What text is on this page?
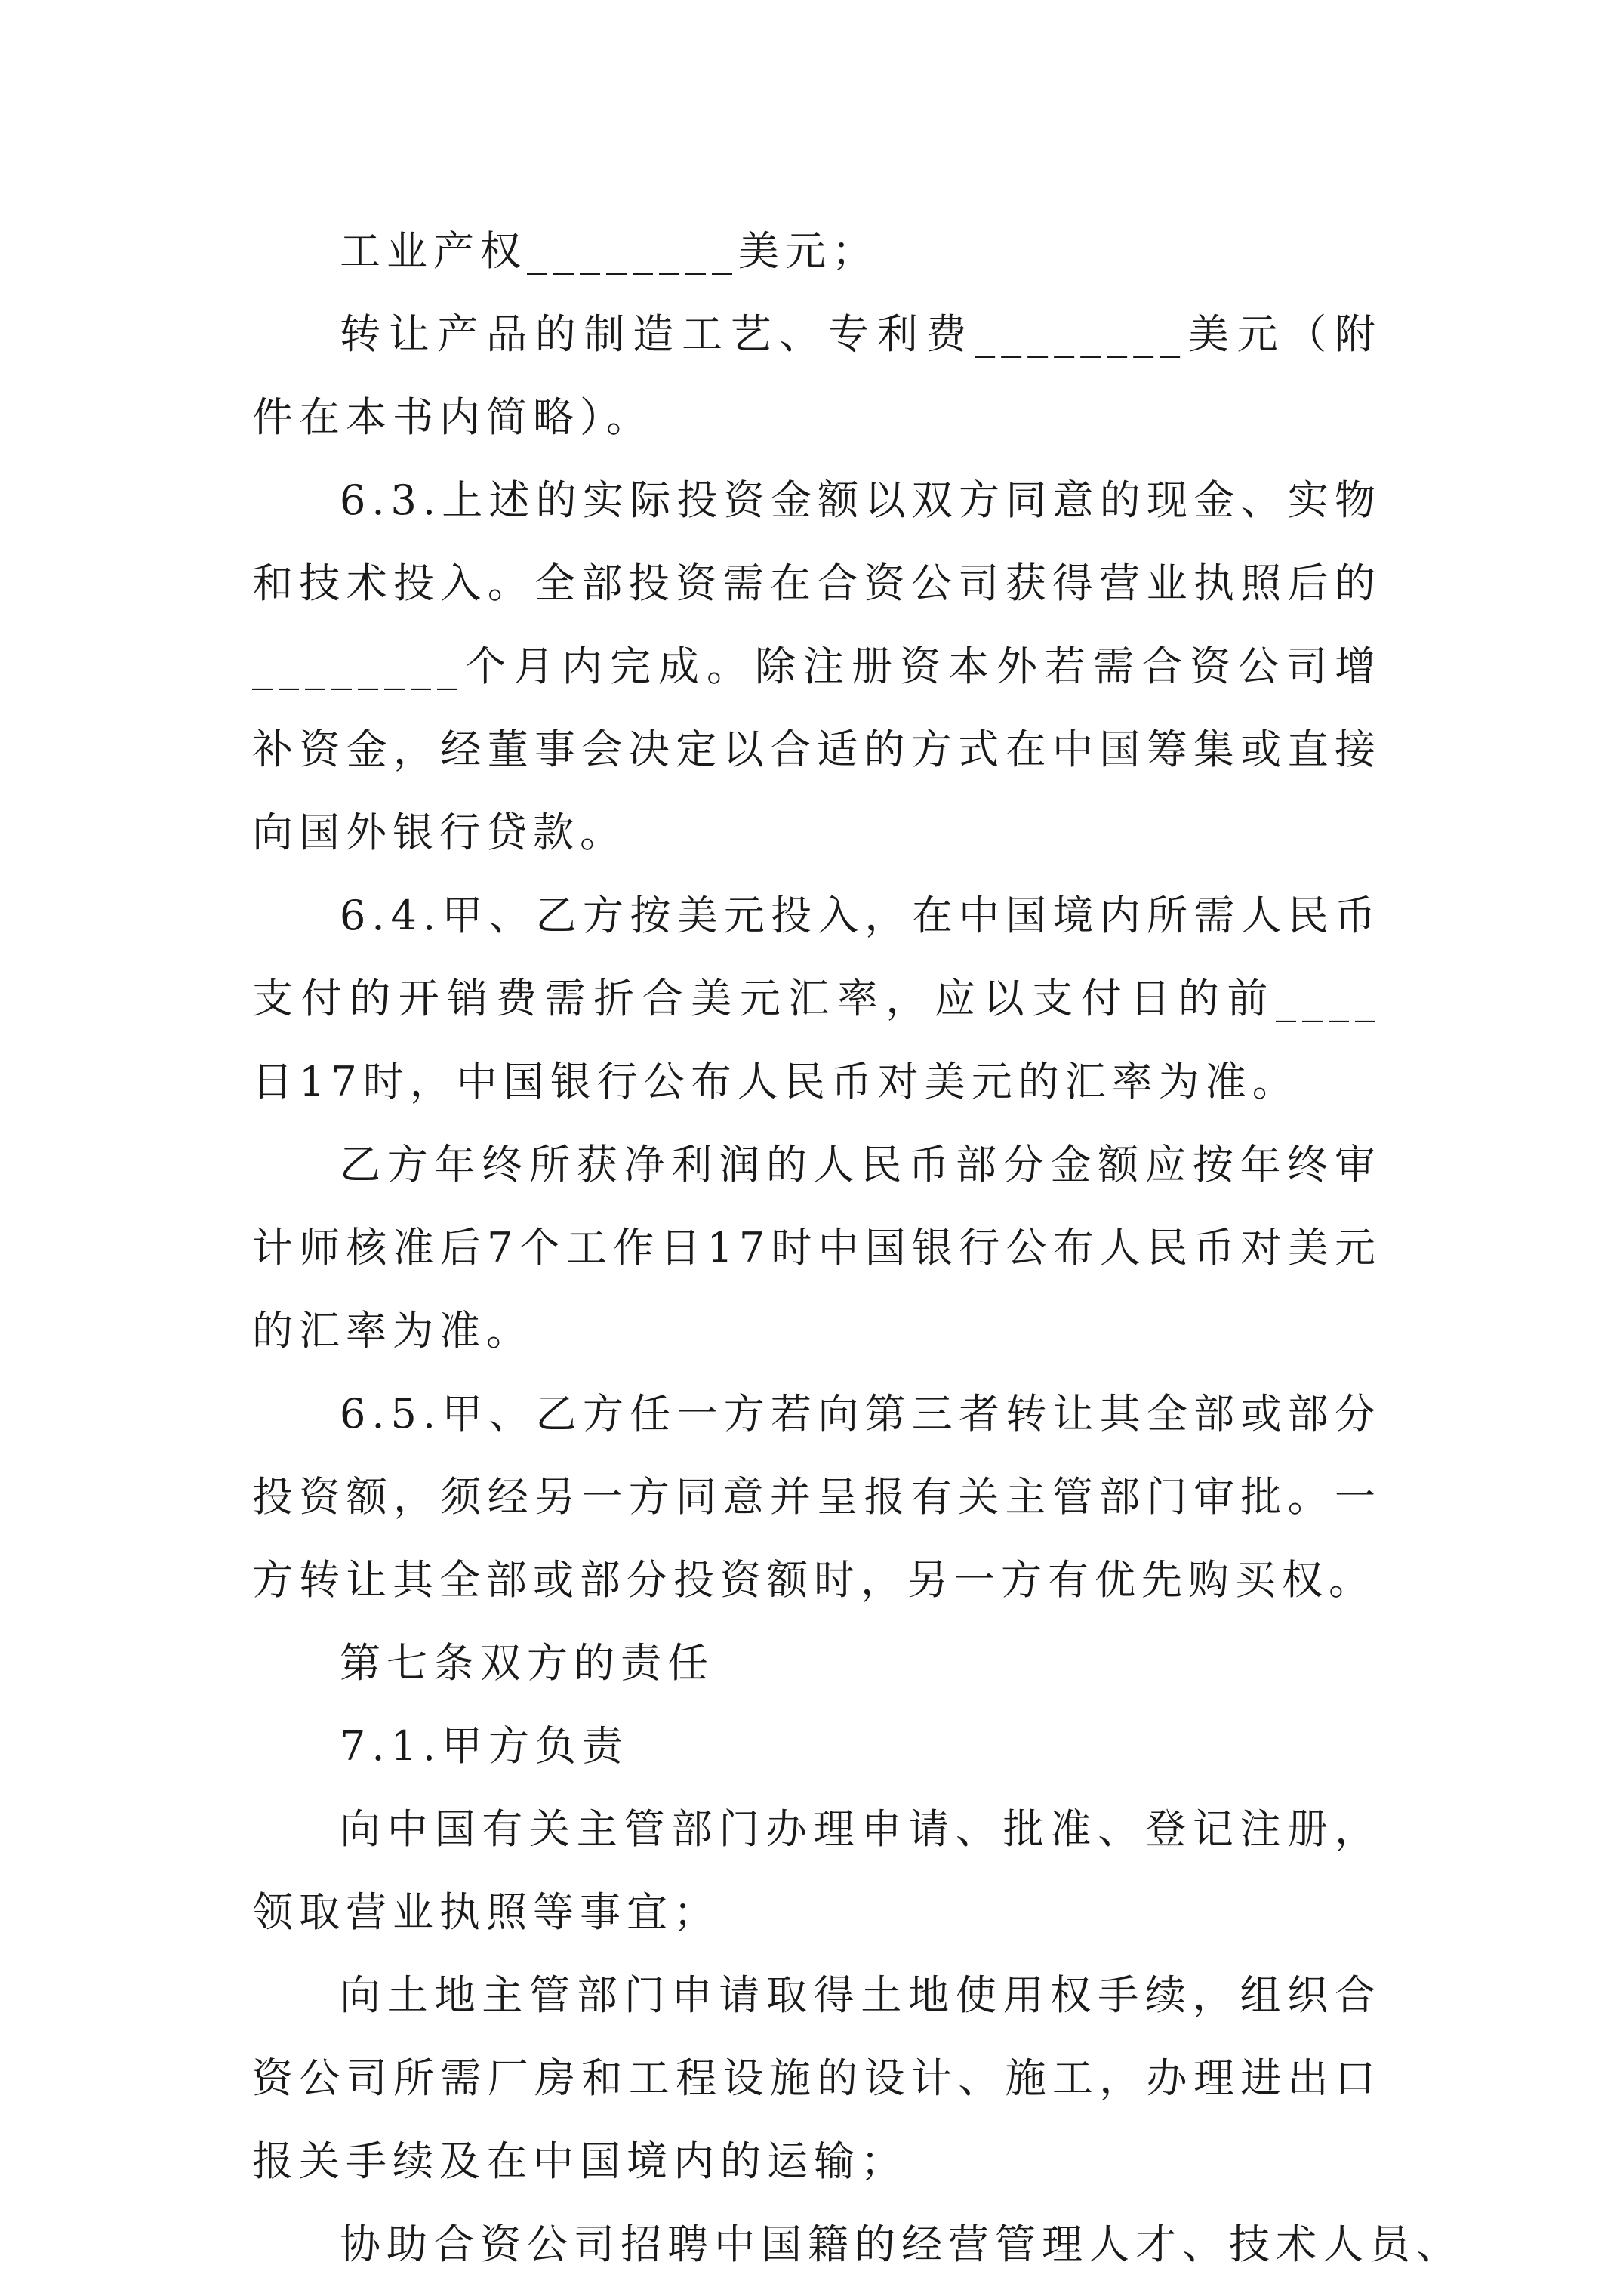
工业产权________美元；

转让产品的制造工艺、专利费________美元（附件在本书内简略）。

6.3.上述的实际投资金额以双方同意的现金、实物和技术投入。全部投资需在合资公司获得营业执照后的________个月内完成。除注册资本外若需合资公司增补资金，经董事会决定以合适的方式在中国筹集或直接向国外银行贷款。

6.4.甲、乙方按美元投入，在中国境内所需人民币支付的开销费需折合美元汇率，应以支付日的前____日17时，中国银行公布人民币对美元的汇率为准。

乙方年终所获净利润的人民币部分金额应按年终审计师核准后7个工作日17时中国银行公布人民币对美元的汇率为准。

6.5.甲、乙方任一方若向第三者转让其全部或部分投资额，须经另一方同意并呈报有关主管部门审批。一方转让其全部或部分投资额时，另一方有优先购买权。

第七条双方的责任

7.1.甲方负责

向中国有关主管部门办理申请、批准、登记注册，领取营业执照等事宜；

向土地主管部门申请取得土地使用权手续，组织合资公司所需厂房和工程设施的设计、施工，办理进出口报关手续及在中国境内的运输；

协助合资公司招聘中国籍的经营管理人才、技术人员、
